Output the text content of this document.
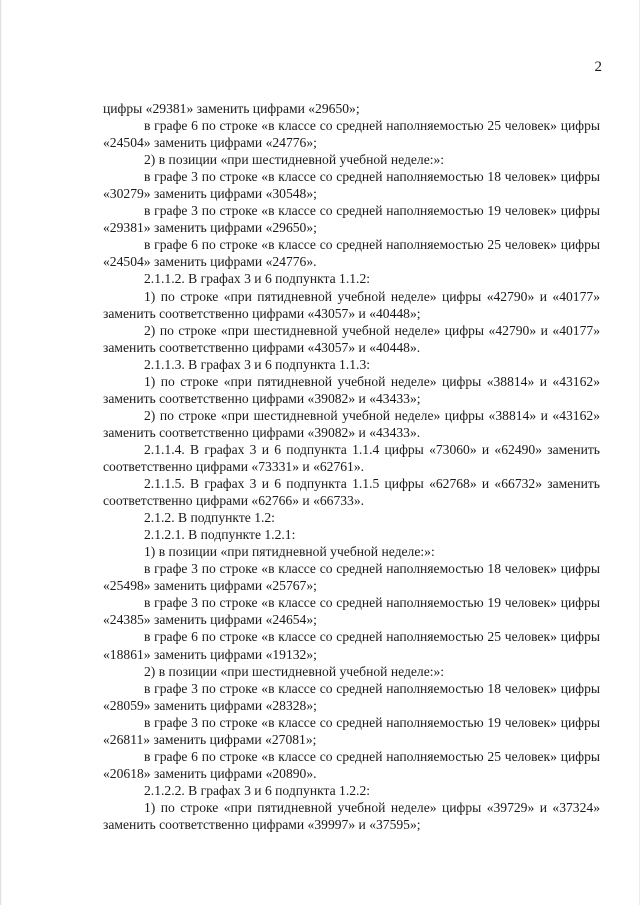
2

цифры «29381» заменить цифрами «29650»;

в графе 6 по строке «в классе со средней наполняемостью 25 человек» цифры «24504» заменить цифрами «24776»;

2) в позиции «при шестидневной учебной неделе:»:

в графе 3 по строке «в классе со средней наполняемостью 18 человек» цифры «30279» заменить цифрами «30548»;

в графе 3 по строке «в классе со средней наполняемостью 19 человек» цифры «29381» заменить цифрами «29650»;

в графе 6 по строке «в классе со средней наполняемостью 25 человек» цифры «24504» заменить цифрами «24776».

2.1.1.2. В графах 3 и 6 подпункта 1.1.2:

1) по строке «при пятидневной учебной неделе» цифры «42790» и «40177» заменить соответственно цифрами «43057» и «40448»;

2) по строке «при шестидневной учебной неделе» цифры «42790» и «40177» заменить соответственно цифрами «43057» и «40448».

2.1.1.3. В графах 3 и 6 подпункта 1.1.3:

1) по строке «при пятидневной учебной неделе» цифры «38814» и «43162» заменить соответственно цифрами «39082» и «43433»;

2) по строке «при шестидневной учебной неделе» цифры «38814» и «43162» заменить соответственно цифрами «39082» и «43433».

2.1.1.4. В графах 3 и 6 подпункта 1.1.4 цифры «73060» и «62490» заменить соответственно цифрами «73331» и «62761».

2.1.1.5. В графах 3 и 6 подпункта 1.1.5 цифры «62768» и «66732» заменить соответственно цифрами «62766» и «66733».

2.1.2. В подпункте 1.2:

2.1.2.1. В подпункте 1.2.1:

1) в позиции «при пятидневной учебной неделе:»:

в графе 3 по строке «в классе со средней наполняемостью 18 человек» цифры «25498» заменить цифрами «25767»;

в графе 3 по строке «в классе со средней наполняемостью 19 человек» цифры «24385» заменить цифрами «24654»;

в графе 6 по строке «в классе со средней наполняемостью 25 человек» цифры «18861» заменить цифрами «19132»;

2) в позиции «при шестидневной учебной неделе:»:

в графе 3 по строке «в классе со средней наполняемостью 18 человек» цифры «28059» заменить цифрами «28328»;

в графе 3 по строке «в классе со средней наполняемостью 19 человек» цифры «26811» заменить цифрами «27081»;

в графе 6 по строке «в классе со средней наполняемостью 25 человек» цифры «20618» заменить цифрами «20890».

2.1.2.2. В графах 3 и 6 подпункта 1.2.2:

1) по строке «при пятидневной учебной неделе» цифры «39729» и «37324» заменить соответственно цифрами «39997» и «37595»;
